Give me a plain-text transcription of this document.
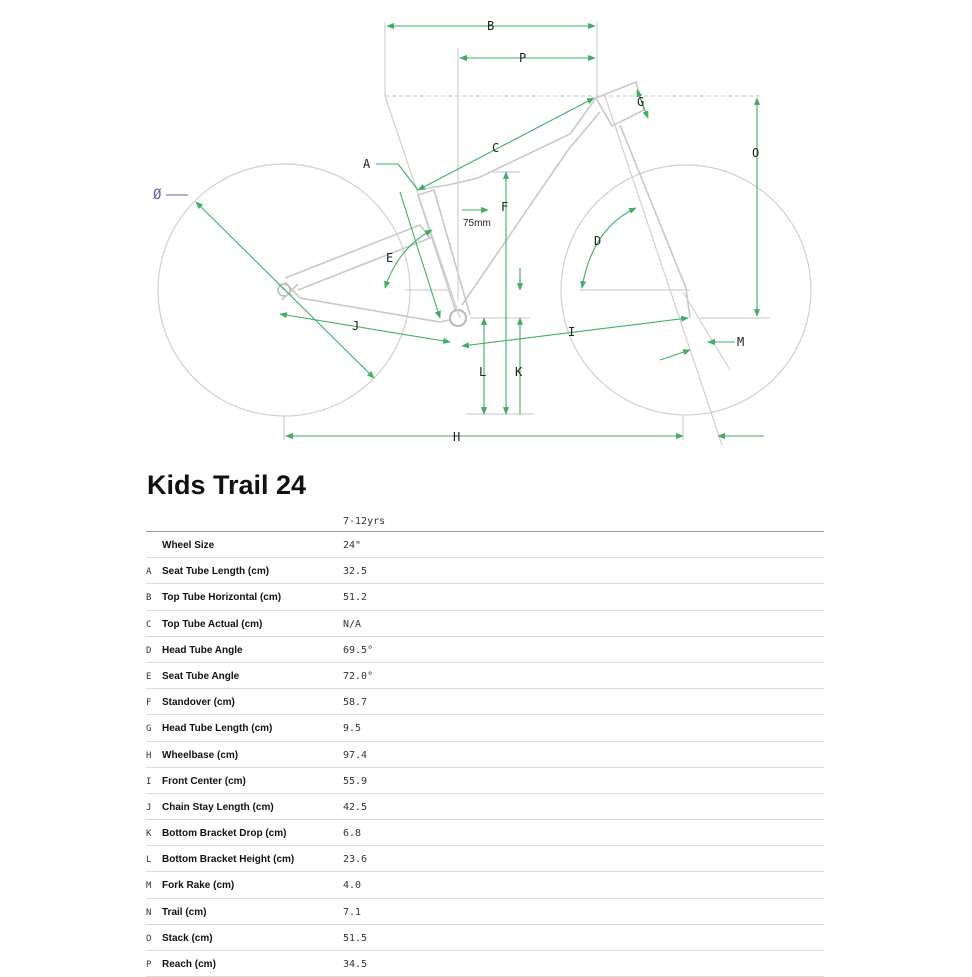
B
P
G
C	O
A
Ø
F
75mm
D
E
J	I
M
L K
H
Kids Trail 24
7-12yrs
Wheel Size	24"
A Seat Tube Length (cm)	32.5
B Top Tube Horizontal (cm)	51.2
C Top Tube Actual (cm)	N/A
D Head Tube Angle	69.5°
E Seat Tube Angle	72.0°
F Standover (cm)	58.7
G Head Tube Length (cm)	9.5
H Wheelbase (cm)	97.4
I Front Center (cm)	55.9
J Chain Stay Length (cm)	42.5
K Bottom Bracket Drop (cm)	6.8
L Bottom Bracket Height (cm)	23.6
M Fork Rake (cm)	4.0
N Trail (cm)	7.1
O Stack (cm)	51.5
P Reach (cm)	34.5
